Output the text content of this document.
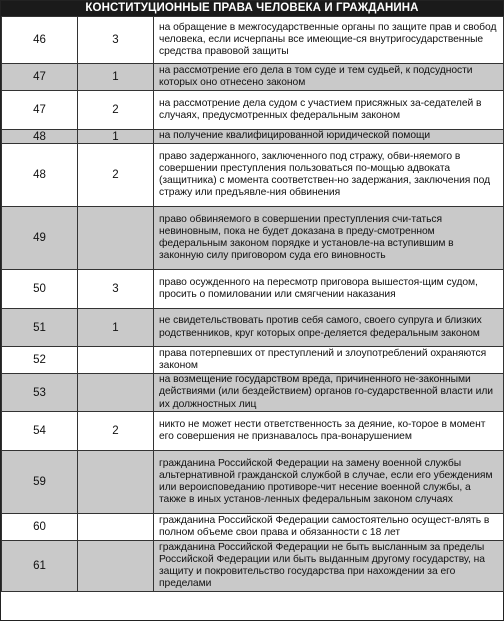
КОНСТИТУЦИОННЫЕ ПРАВА ЧЕЛОВЕКА И ГРАЖДАНИНА
46	3	на обращение в межгосударственные органы по защите прав и свобод человека, если исчерпаны все имеющие-ся внутригосударственные средства правовой защиты
47	1	на рассмотрение его дела в том суде и тем судьей, к подсудности которых оно отнесено законом
47	2	на рассмотрение дела судом с участием присяжных за-седателей в случаях, предусмотренных федеральным законом
48	1	на получение квалифицированной юридической помощи
48	2	право задержанного, заключенного под стражу, обви-няемого в совершении преступления пользоваться по-мощью адвоката (защитника) с момента соответствен-но задержания, заключения под стражу или предъявле-ния обвинения
49		право обвиняемого в совершении преступления счи-таться невиновным, пока не будет доказана в преду-смотренном федеральным законом порядке и установле-на вступившим в законную силу приговором суда его виновность
50	3	право осужденного на пересмотр приговора вышестоя-щим судом, просить о помиловании или смягчении наказания
51	1	не свидетельствовать против себя самого, своего супруга и близких родственников, круг которых опре-деляется федеральным законом
52		права потерпевших от преступлений и злоупотреблений охраняются законом
53		на возмещение государством вреда, причиненного не-законными действиями (или бездействием) органов го-сударственной власти или их должностных лиц
54	2	никто не может нести ответственность за деяние, ко-торое в момент его совершения не признавалось пра-вонарушением
59		гражданина Российской Федерации на замену военной службы альтернативной гражданской службой в случае, если его убеждениям или вероисповеданию противоре-чит несение военной службы, а также в иных установ-ленных федеральным законом случаях
60		гражданина Российской Федерации самостоятельно осущест-влять в полном объеме свои права и обязанности с 18 лет
61		гражданина Российской Федерации не быть высланным за пределы Российской Федерации или быть выданным другому государству, на защиту и покровительство государства при нахождении за его пределами
